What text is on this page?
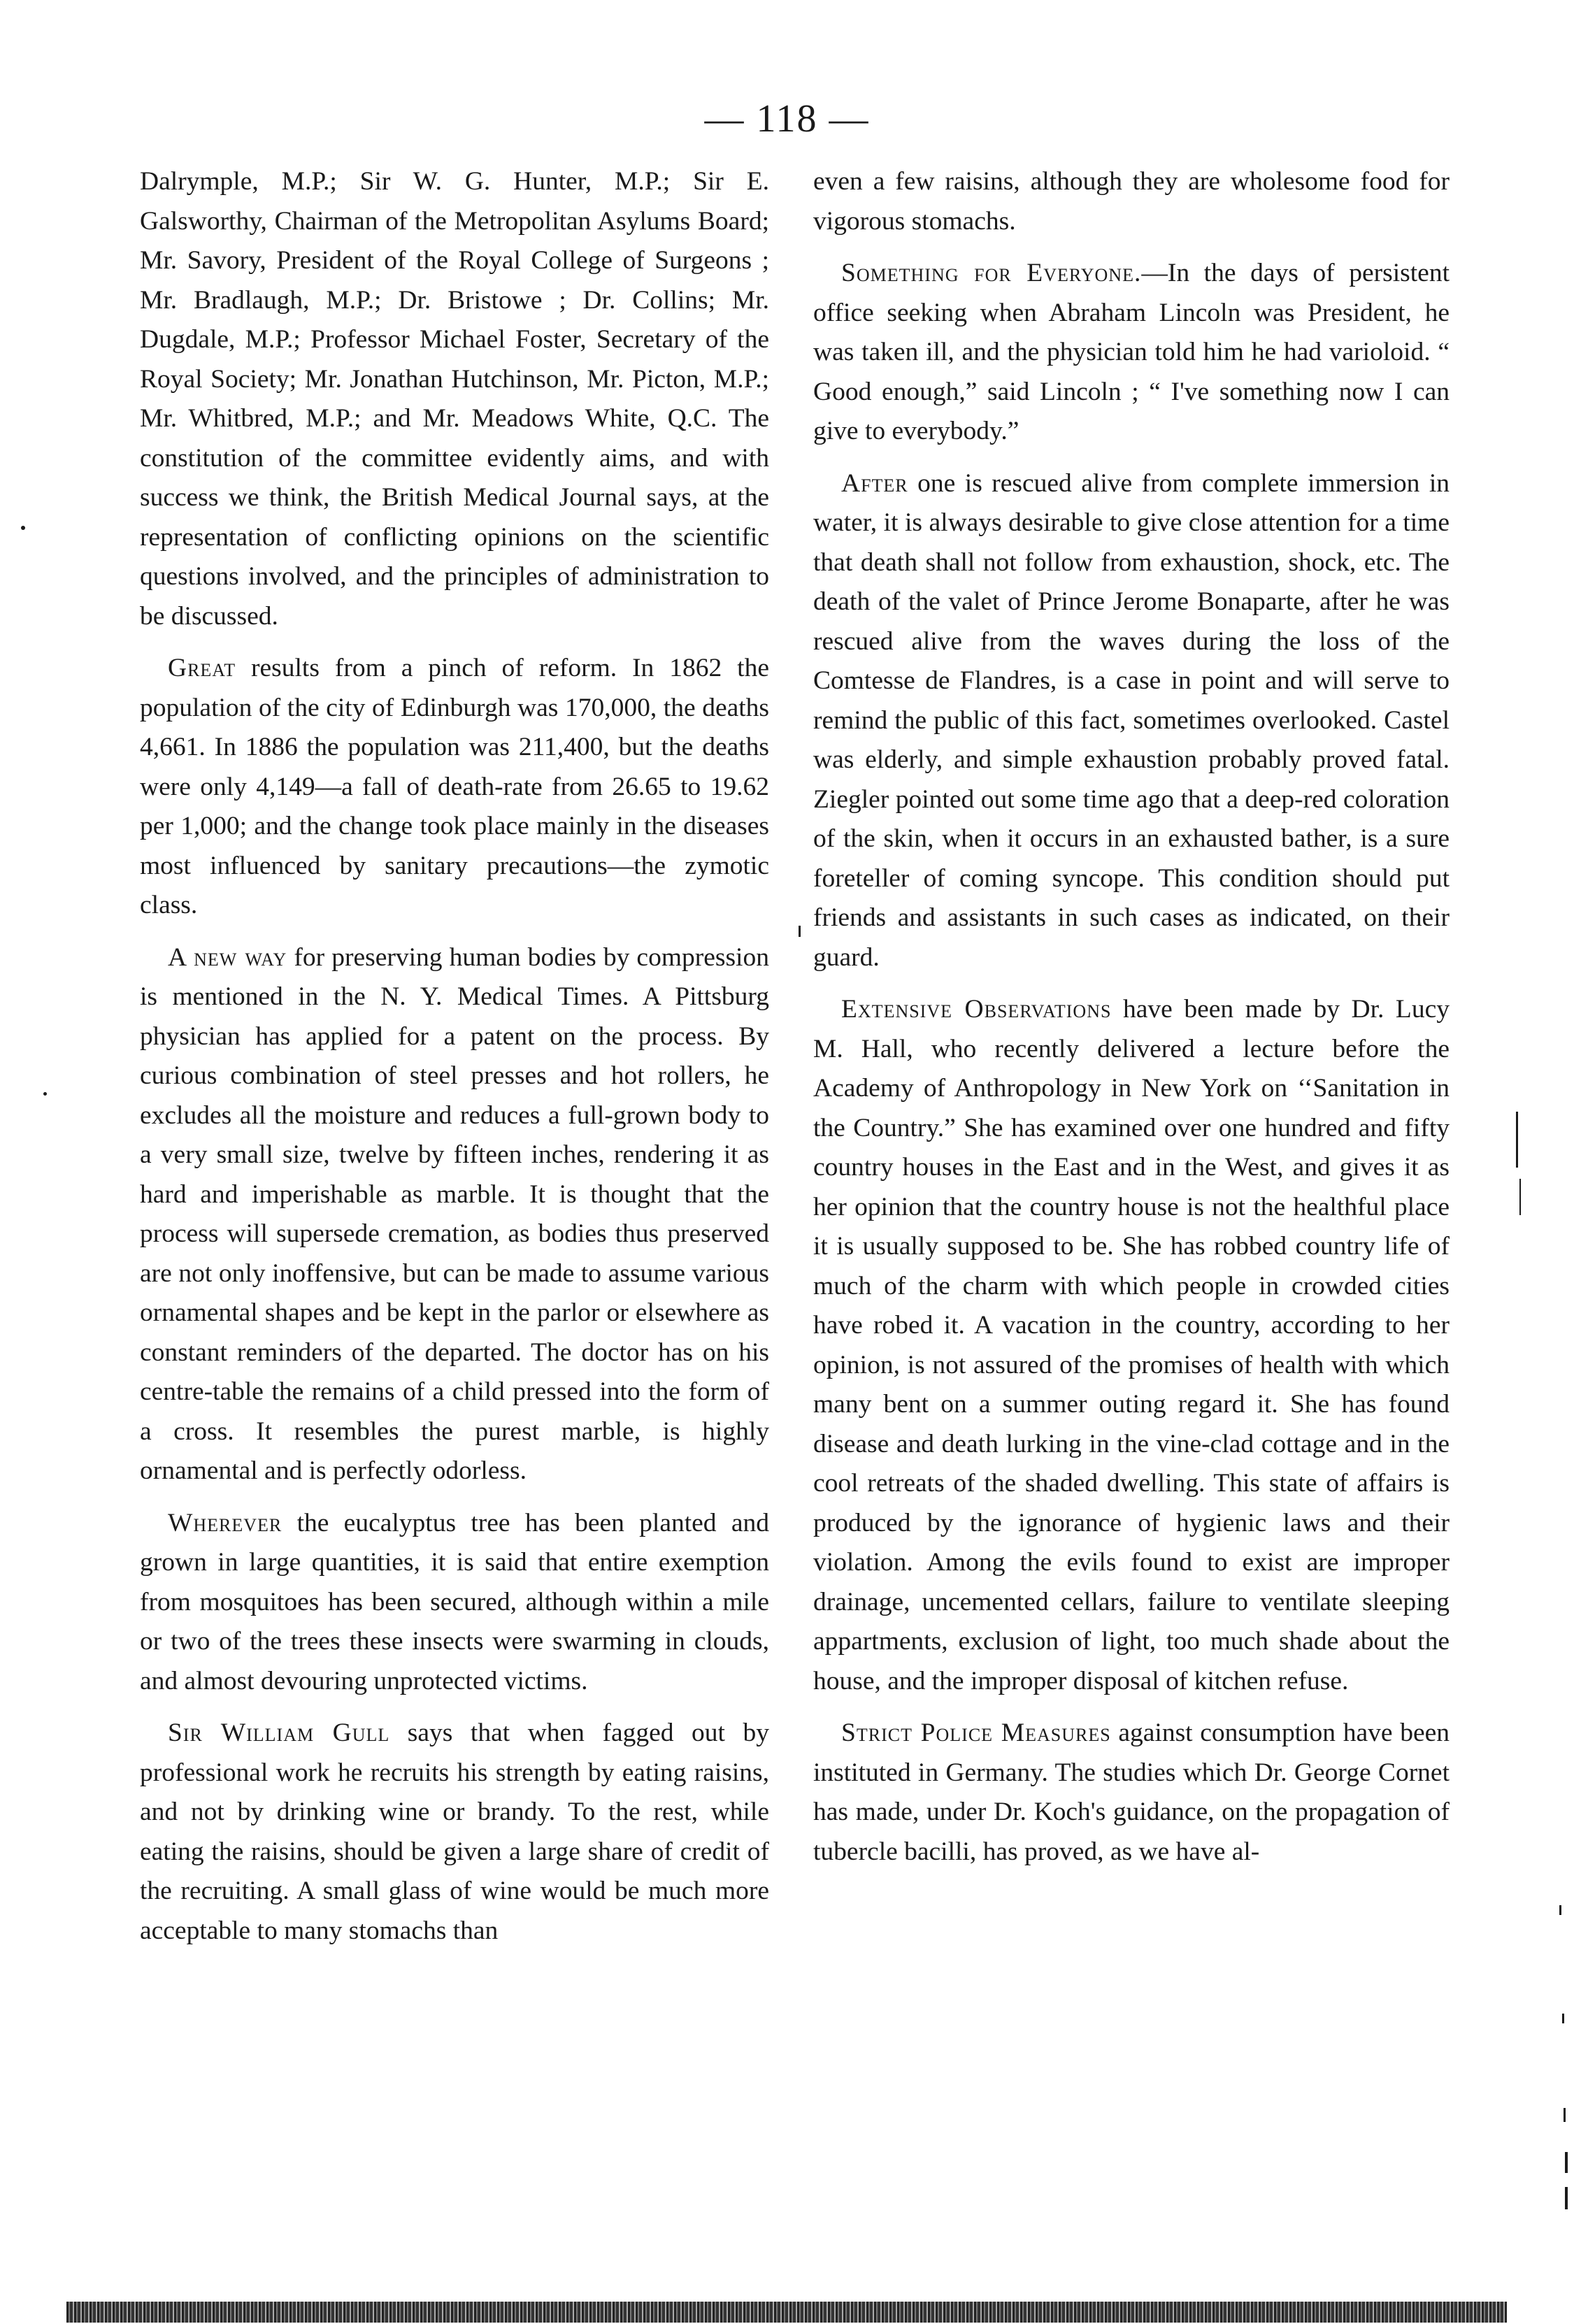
— 118 —

Dalrymple, M.P.; Sir W. G. Hunter, M.P.; Sir E. Galsworthy, Chairman of the Metropolitan Asylums Board; Mr. Savory, President of the Royal College of Surgeons ; Mr. Bradlaugh, M.P.; Dr. Bristowe ; Dr. Collins; Mr. Dugdale, M.P.; Professor Michael Foster, Secretary of the Royal Society; Mr. Jonathan Hutchinson, Mr. Picton, M.P.; Mr. Whitbred, M.P.; and Mr. Meadows White, Q.C. The constitution of the committee evidently aims, and with success we think, the British Medical Journal says, at the representation of conflicting opinions on the scientific questions involved, and the principles of administration to be discussed.

Great results from a pinch of reform. In 1862 the population of the city of Edinburgh was 170,000, the deaths 4,661. In 1886 the population was 211,400, but the deaths were only 4,149—a fall of death-rate from 26.65 to 19.62 per 1,000; and the change took place mainly in the diseases most influenced by sanitary precautions—the zymotic class.

A new way for preserving human bodies by compression is mentioned in the N. Y. Medical Times. A Pittsburg physician has applied for a patent on the process. By curious combination of steel presses and hot rollers, he excludes all the moisture and reduces a full-grown body to a very small size, twelve by fifteen inches, rendering it as hard and imperishable as marble. It is thought that the process will supersede cremation, as bodies thus preserved are not only inoffensive, but can be made to assume various ornamental shapes and be kept in the parlor or elsewhere as constant reminders of the departed. The doctor has on his centre-table the remains of a child pressed into the form of a cross. It resembles the purest marble, is highly ornamental and is perfectly odorless.

Wherever the eucalyptus tree has been planted and grown in large quantities, it is said that entire exemption from mosquitoes has been secured, although within a mile or two of the trees these insects were swarming in clouds, and almost devouring unprotected victims.

Sir William Gull says that when fagged out by professional work he recruits his strength by eating raisins, and not by drinking wine or brandy. To the rest, while eating the raisins, should be given a large share of credit of the recruiting. A small glass of wine would be much more acceptable to many stomachs than

even a few raisins, although they are wholesome food for vigorous stomachs.

Something for Everyone.—In the days of persistent office seeking when Abraham Lincoln was President, he was taken ill, and the physician told him he had varioloid. “ Good enough,” said Lincoln ; “ I've something now I can give to everybody.”

After one is rescued alive from complete immersion in water, it is always desirable to give close attention for a time that death shall not follow from exhaustion, shock, etc. The death of the valet of Prince Jerome Bonaparte, after he was rescued alive from the waves during the loss of the Comtesse de Flandres, is a case in point and will serve to remind the public of this fact, sometimes overlooked. Castel was elderly, and simple exhaustion probably proved fatal. Ziegler pointed out some time ago that a deep-red coloration of the skin, when it occurs in an exhausted bather, is a sure foreteller of coming syncope. This condition should put friends and assistants in such cases as indicated, on their guard.

Extensive Observations have been made by Dr. Lucy M. Hall, who recently delivered a lecture before the Academy of Anthropology in New York on ‘‘Sanitation in the Country.” She has examined over one hundred and fifty country houses in the East and in the West, and gives it as her opinion that the country house is not the healthful place it is usually supposed to be. She has robbed country life of much of the charm with which people in crowded cities have robed it. A vacation in the country, according to her opinion, is not assured of the promises of health with which many bent on a summer outing regard it. She has found disease and death lurking in the vine-clad cottage and in the cool retreats of the shaded dwelling. This state of affairs is produced by the ignorance of hygienic laws and their violation. Among the evils found to exist are improper drainage, uncemented cellars, failure to ventilate sleeping appartments, exclusion of light, too much shade about the house, and the improper disposal of kitchen refuse.

Strict Police Measures against consumption have been instituted in Germany. The studies which Dr. George Cornet has made, under Dr. Koch's guidance, on the propagation of tubercle bacilli, has proved, as we have al-
